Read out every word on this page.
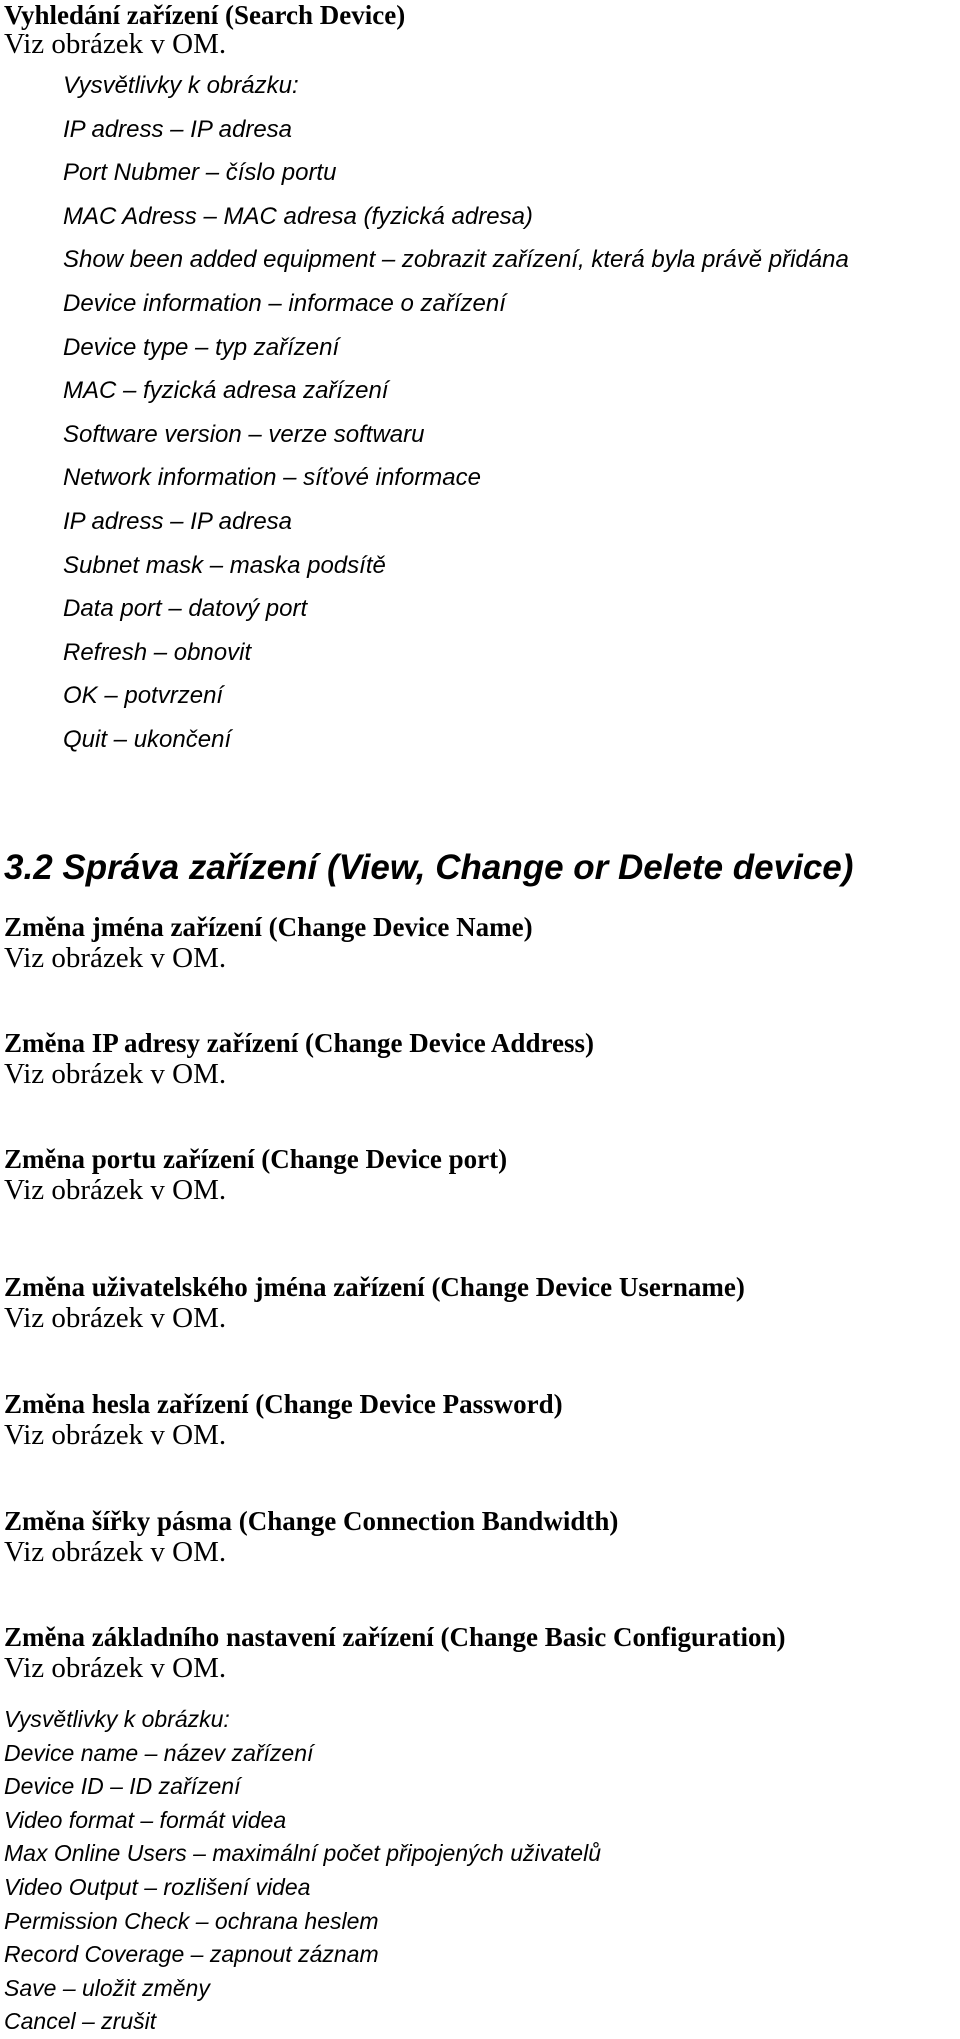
Vyhledání zařízení (Search Device)
Viz obrázek v OM.
Vysvětlivky k obrázku:
IP adress – IP adresa
Port Nubmer – číslo portu
MAC Adress – MAC adresa (fyzická adresa)
Show been added equipment – zobrazit zařízení, která byla právě přidána
Device information – informace o zařízení
Device type – typ zařízení
MAC – fyzická adresa zařízení
Software version – verze softwaru
Network information – síťové informace
IP adress – IP adresa
Subnet mask – maska podsítě
Data port – datový port
Refresh – obnovit
OK – potvrzení
Quit – ukončení
3.2 Správa zařízení (View, Change or Delete device)
Změna jména zařízení (Change Device Name)
Viz obrázek v OM.
Změna IP adresy zařízení (Change Device Address)
Viz obrázek v OM.
Změna portu zařízení (Change Device port)
Viz obrázek v OM.
Změna uživatelského jména zařízení (Change Device Username)
Viz obrázek v OM.
Změna hesla zařízení (Change Device Password)
Viz obrázek v OM.
Změna šířky pásma (Change Connection Bandwidth)
Viz obrázek v OM.
Změna základního nastavení zařízení (Change Basic Configuration)
Viz obrázek v OM.
Vysvětlivky k obrázku:
Device name – název zařízení
Device ID – ID zařízení
Video format – formát videa
Max Online Users – maximální počet připojených uživatelů
Video Output – rozlišení videa
Permission Check – ochrana heslem
Record Coverage – zapnout záznam
Save – uložit změny
Cancel – zrušit
